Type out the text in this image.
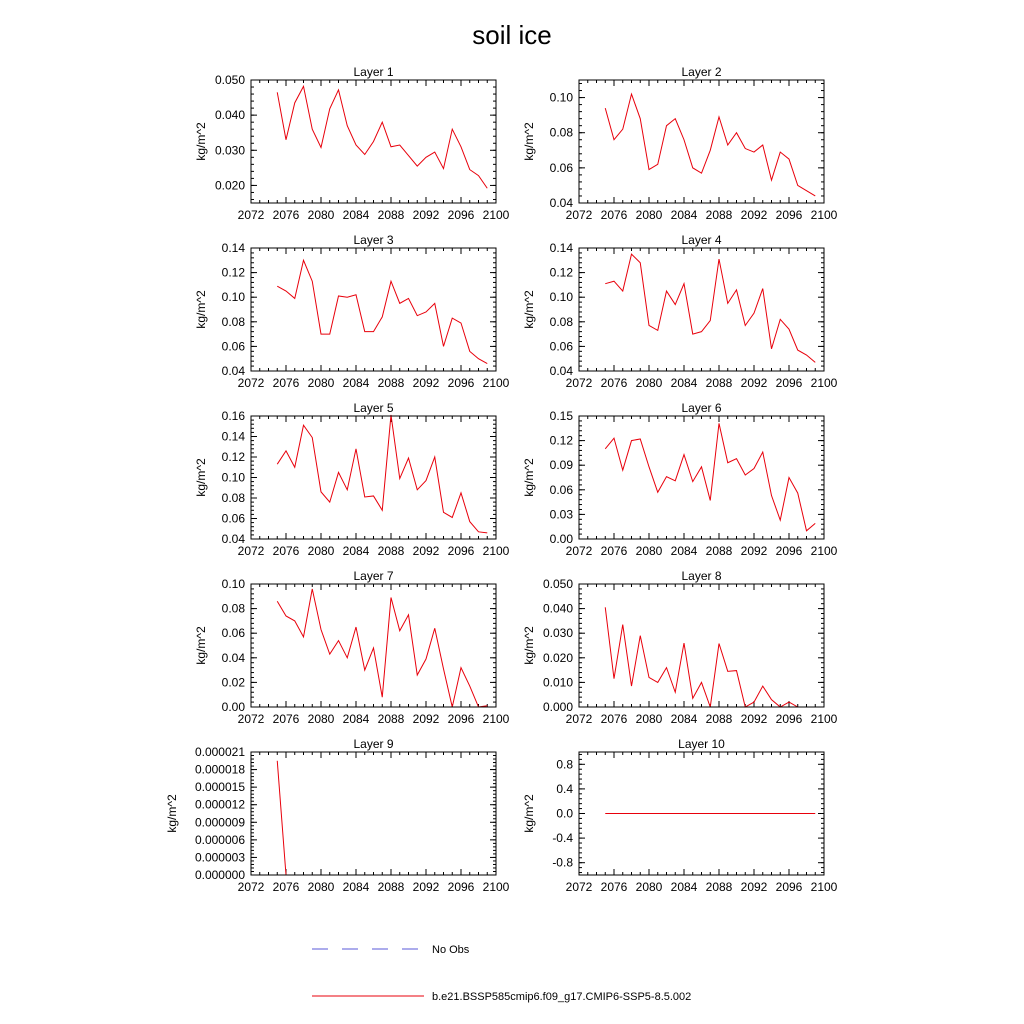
soil ice
2072 2076 2080 2084 2088 2092 2096 2100
0.020
0.030
0.040
0.050
Layer 1
kg/m^2
2072 2076 2080 2084 2088 2092 2096 2100
0.04
0.06
0.08
0.10
Layer 2
kg/m^2
2072 2076 2080 2084 2088 2092 2096 2100
0.04
0.06
0.08
0.10
0.12
0.14
Layer 3
kg/m^2
2072 2076 2080 2084 2088 2092 2096 2100
0.04
0.06
0.08
0.10
0.12
0.14
Layer 4
kg/m^2
2072 2076 2080 2084 2088 2092 2096 2100
0.04
0.06
0.08
0.10
0.12
0.14
0.16
Layer 5
kg/m^2
2072 2076 2080 2084 2088 2092 2096 2100
0.00
0.03
0.06
0.09
0.12
0.15
Layer 6
kg/m^2
2072 2076 2080 2084 2088 2092 2096 2100
0.00
0.02
0.04
0.06
0.08
0.10
Layer 7
kg/m^2
2072 2076 2080 2084 2088 2092 2096 2100
0.000
0.010
0.020
0.030
0.040
0.050
Layer 8
kg/m^2
2072 2076 2080 2084 2088 2092 2096 2100
0.000000
0.000003
0.000006
0.000009
0.000012
0.000015
0.000018
0.000021
Layer 9
kg/m^2
2072 2076 2080 2084 2088 2092 2096 2100
-0.8
-0.4
0.0
0.4
0.8
Layer 10
kg/m^2
No Obs
b.e21.BSSP585cmip6.f09_g17.CMIP6-SSP5-8.5.002
